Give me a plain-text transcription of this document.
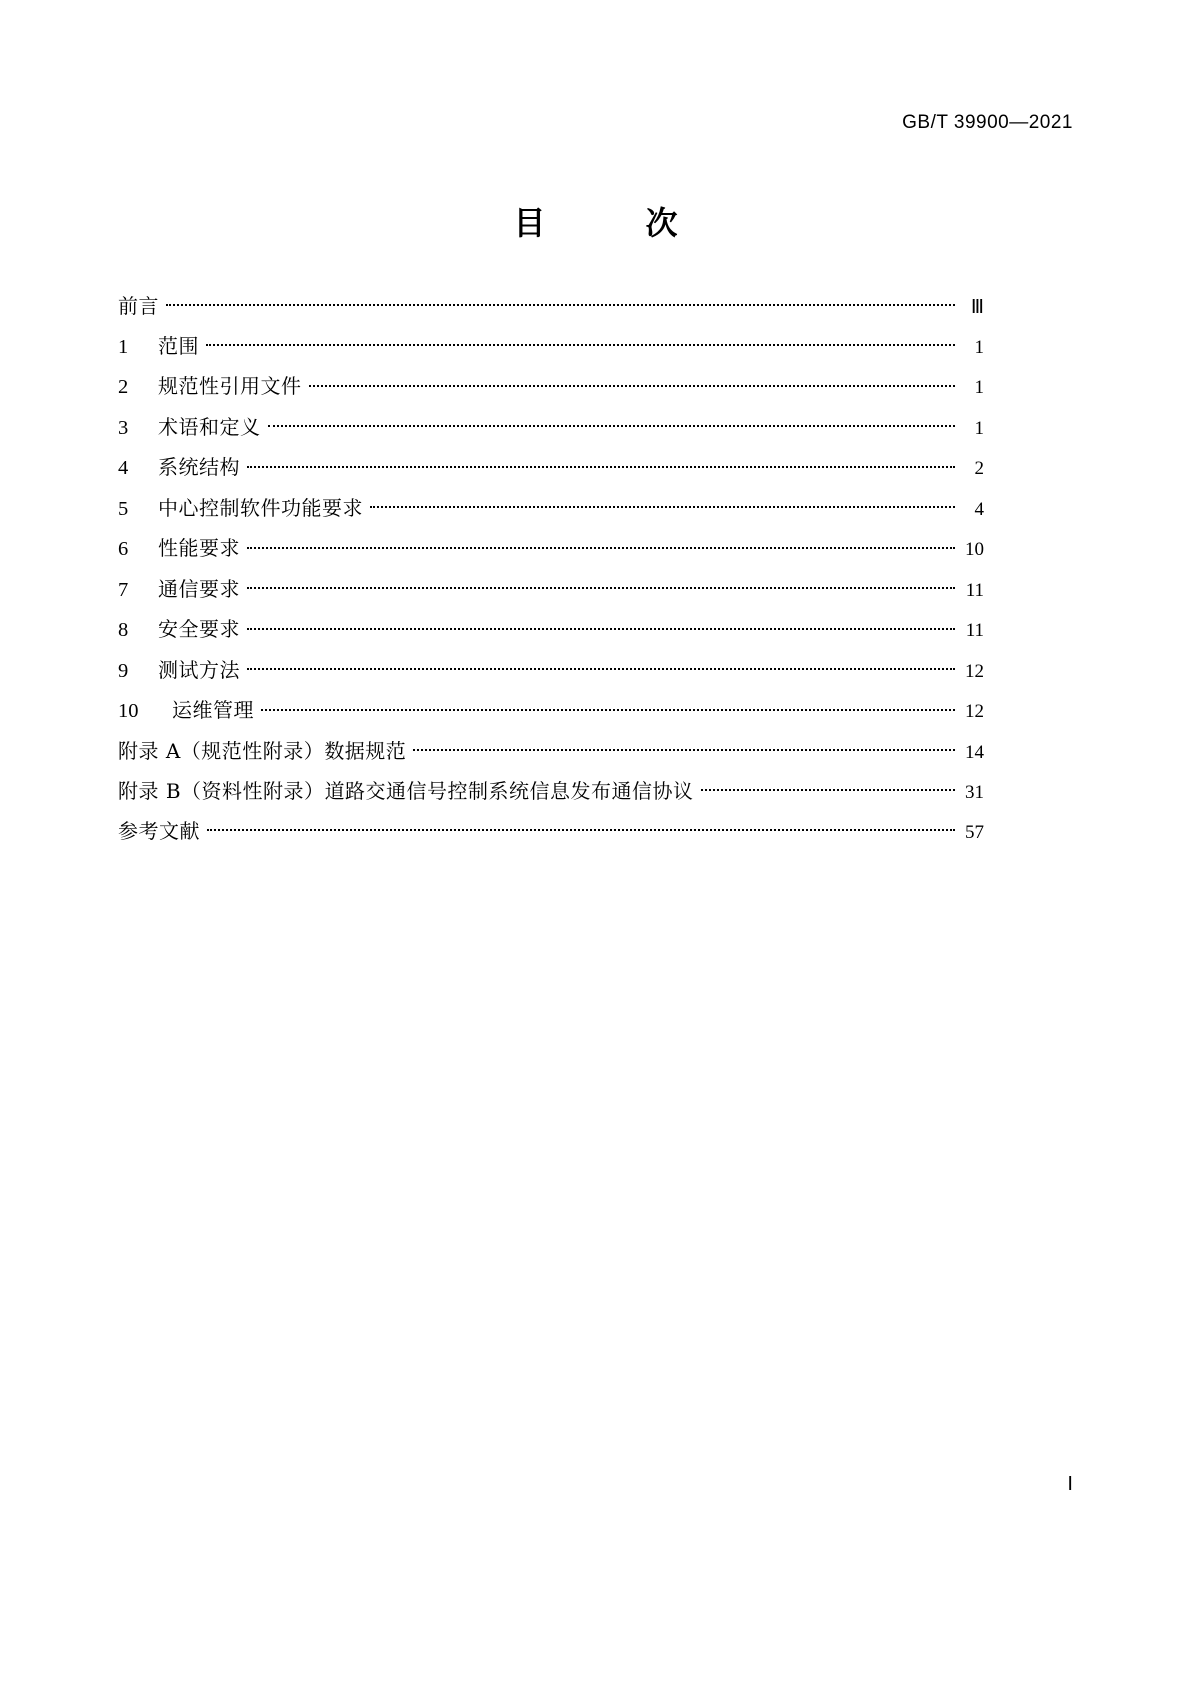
GB/T 39900—2021
目　次
前言	Ⅲ
1	范围	1
2	规范性引用文件	1
3	术语和定义	1
4	系统结构	2
5	中心控制软件功能要求	4
6	性能要求	10
7	通信要求	11
8	安全要求	11
9	测试方法	12
10	运维管理	12
附录 A（规范性附录） 数据规范	14
附录 B（资料性附录） 道路交通信号控制系统信息发布通信协议	31
参考文献	57
Ⅰ
